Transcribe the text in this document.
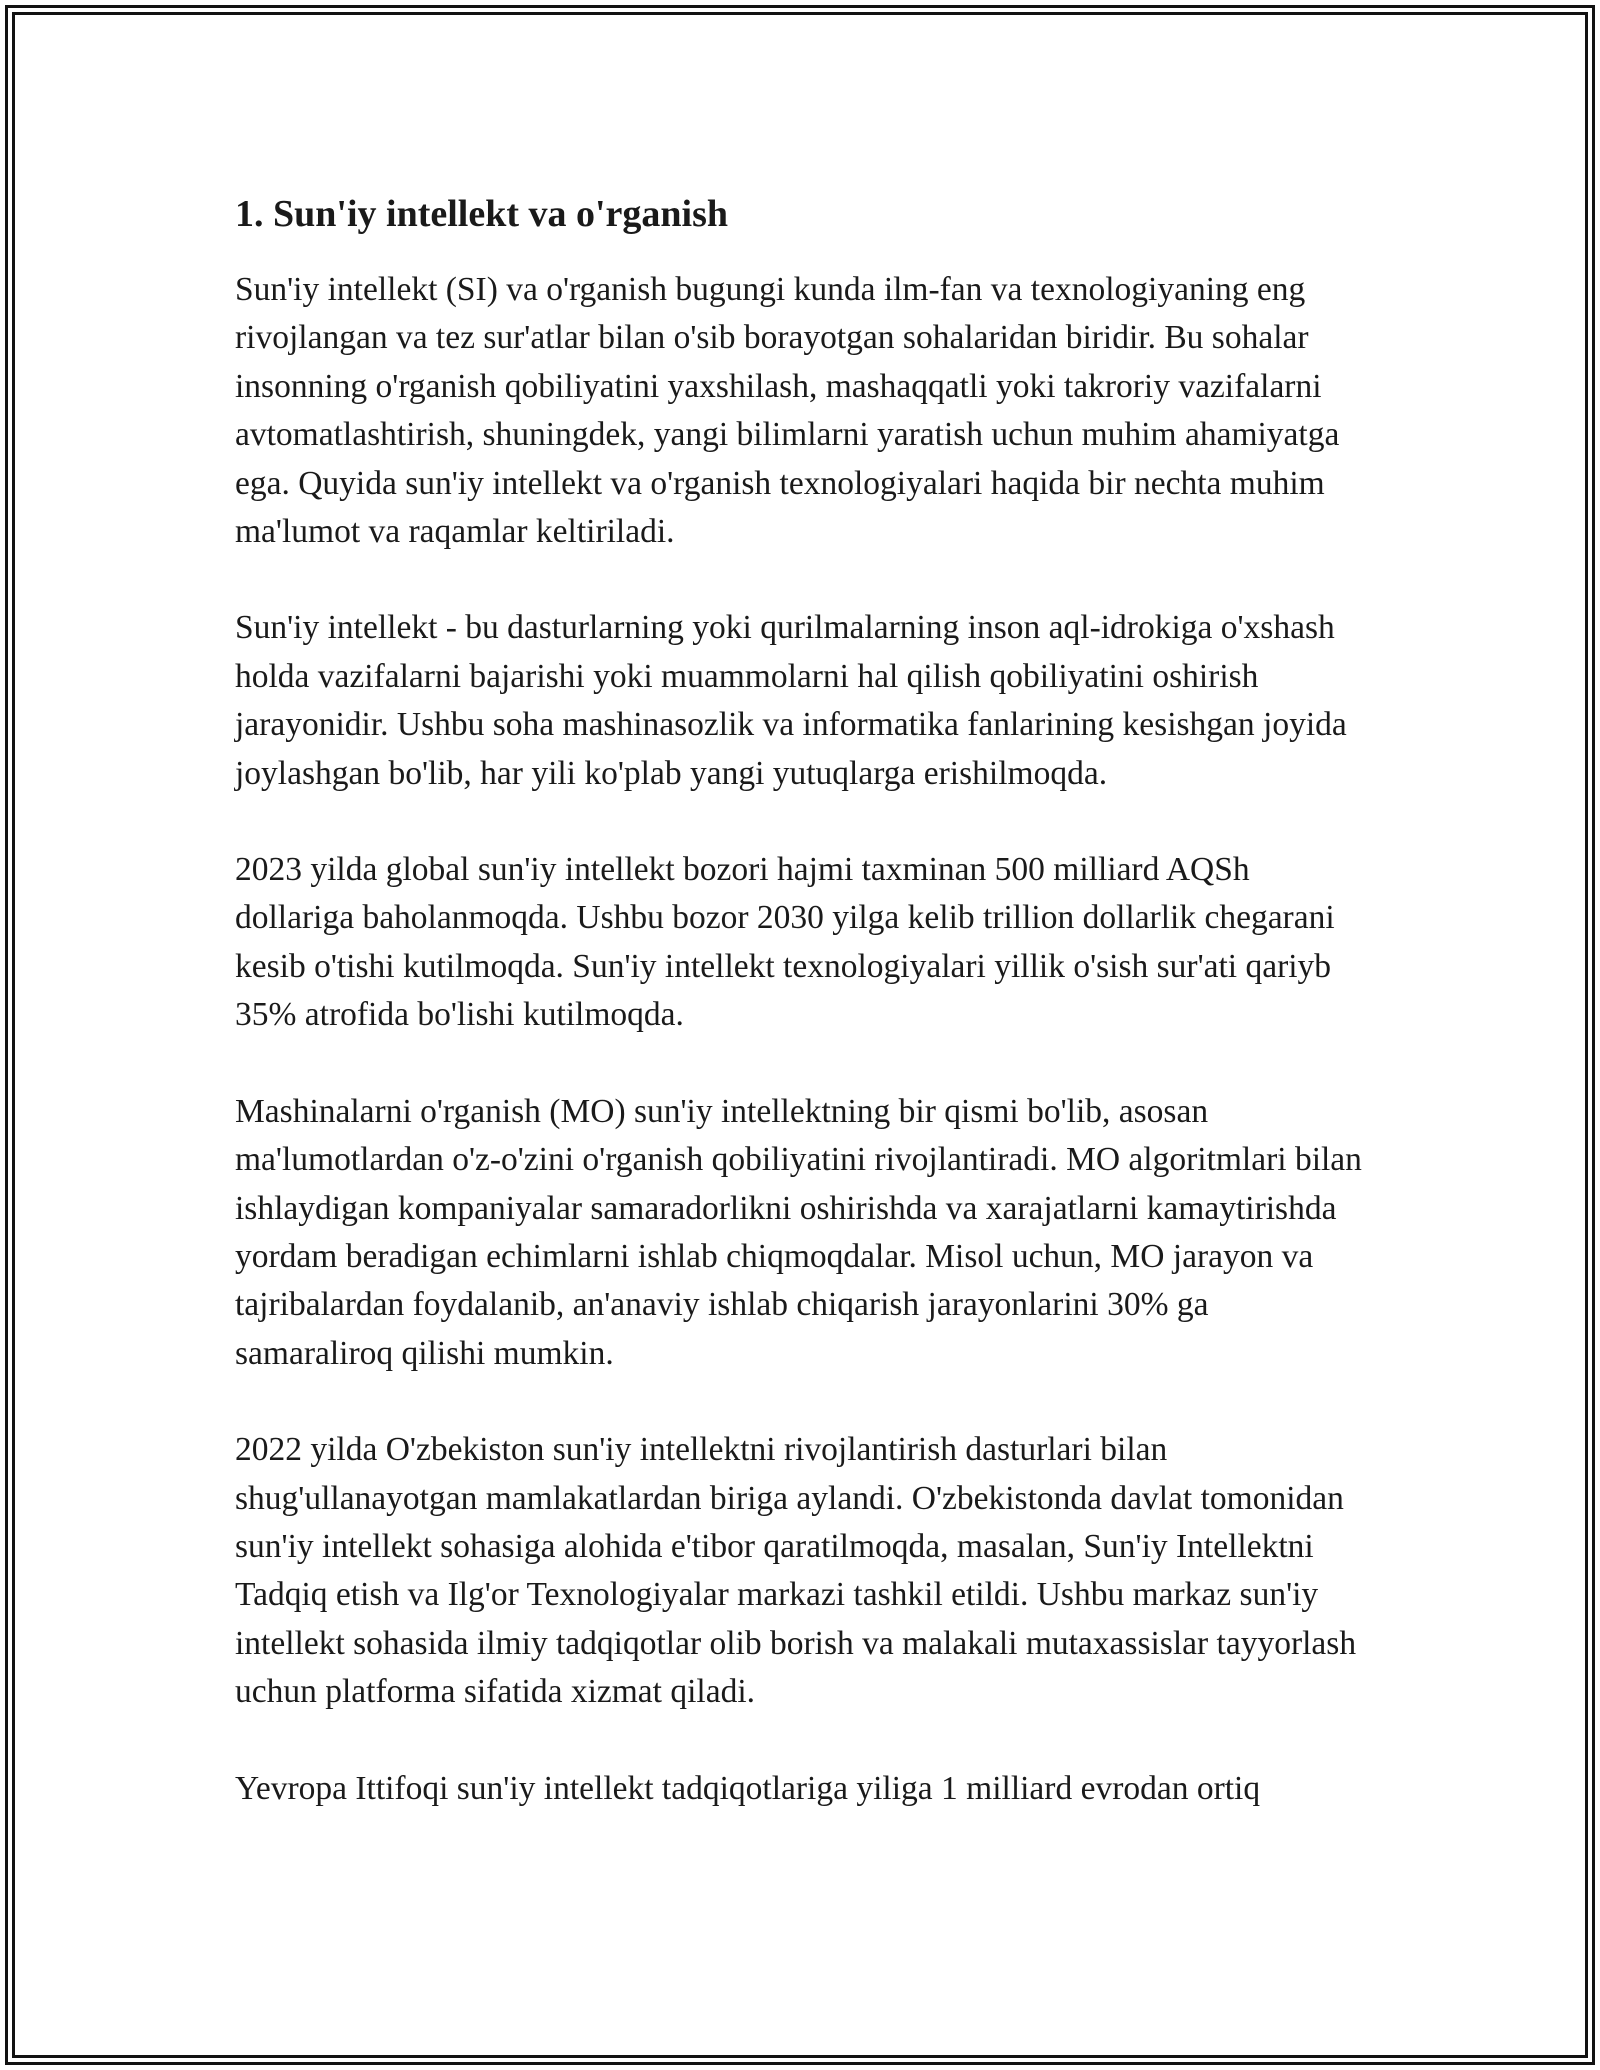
1. Sun'iy intellekt va o'rganish

Sun'iy intellekt (SI) va o'rganish bugungi kunda ilm-fan va texnologiyaning eng rivojlangan va tez sur'atlar bilan o'sib borayotgan sohalaridan biridir. Bu sohalar insonning o'rganish qobiliyatini yaxshilash, mashaqqatli yoki takroriy vazifalarni avtomatlashtirish, shuningdek, yangi bilimlarni yaratish uchun muhim ahamiyatga ega. Quyida sun'iy intellekt va o'rganish texnologiyalari haqida bir nechta muhim ma'lumot va raqamlar keltiriladi.

Sun'iy intellekt - bu dasturlarning yoki qurilmalarning inson aql-idrokiga o'xshash holda vazifalarni bajarishi yoki muammolarni hal qilish qobiliyatini oshirish jarayonidir. Ushbu soha mashinasozlik va informatika fanlarining kesishgan joyida joylashgan bo'lib, har yili ko'plab yangi yutuqlarga erishilmoqda.

2023 yilda global sun'iy intellekt bozori hajmi taxminan 500 milliard AQSh dollariga baholanmoqda. Ushbu bozor 2030 yilga kelib trillion dollarlik chegarani kesib o'tishi kutilmoqda. Sun'iy intellekt texnologiyalari yillik o'sish sur'ati qariyb 35% atrofida bo'lishi kutilmoqda.

Mashinalarni o'rganish (MO) sun'iy intellektning bir qismi bo'lib, asosan ma'lumotlardan o'z-o'zini o'rganish qobiliyatini rivojlantiradi. MO algoritmlari bilan ishlaydigan kompaniyalar samaradorlikni oshirishda va xarajatlarni kamaytirishda yordam beradigan echimlarni ishlab chiqmoqdalar. Misol uchun, MO jarayon va tajribalardan foydalanib, an'anaviy ishlab chiqarish jarayonlarini 30% ga samaraliroq qilishi mumkin.

2022 yilda O'zbekiston sun'iy intellektni rivojlantirish dasturlari bilan shug'ullanayotgan mamlakatlardan biriga aylandi. O'zbekistonda davlat tomonidan sun'iy intellekt sohasiga alohida e'tibor qaratilmoqda, masalan, Sun'iy Intellektni Tadqiq etish va Ilg'or Texnologiyalar markazi tashkil etildi. Ushbu markaz sun'iy intellekt sohasida ilmiy tadqiqotlar olib borish va malakali mutaxassislar tayyorlash uchun platforma sifatida xizmat qiladi.

Yevropa Ittifoqi sun'iy intellekt tadqiqotlariga yiliga 1 milliard evrodan ortiq
